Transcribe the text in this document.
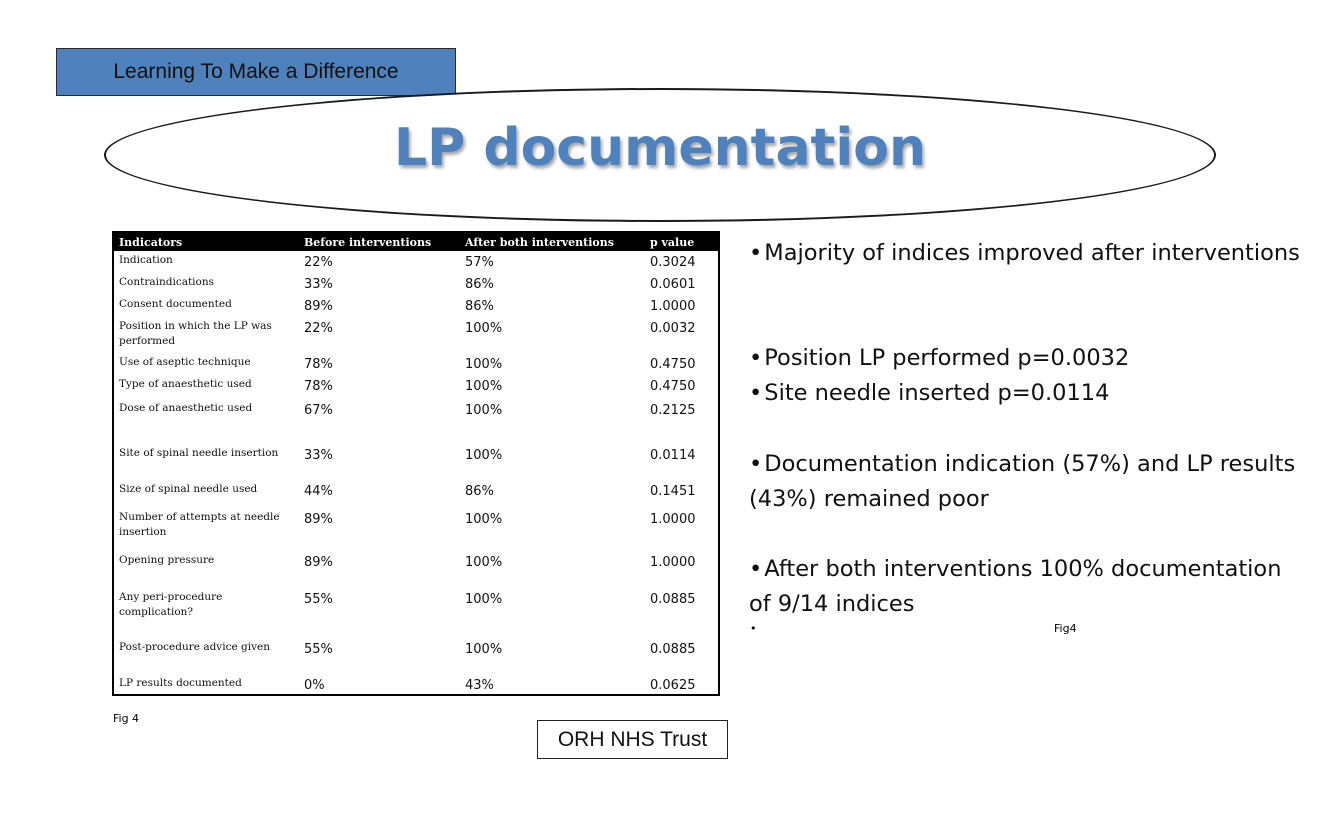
Learning To Make a Difference
LP documentation
Indicators	Before interventions	After both interventions	p value
Indication	22%	57%	0.3024
Contraindications	33%	86%	0.0601
Consent documented	89%	86%	1.0000
Position in which the LP was performed	22%	100%	0.0032
Use of aseptic technique	78%	100%	0.4750
Type of anaesthetic used	78%	100%	0.4750
Dose of anaesthetic used	67%	100%	0.2125
Site of spinal needle insertion	33%	100%	0.0114
Size of spinal needle used	44%	86%	0.1451
Number of attempts at needle insertion	89%	100%	1.0000
Opening pressure	89%	100%	1.0000
Any peri-procedure complication?	55%	100%	0.0885
Post-procedure advice given	55%	100%	0.0885
LP results documented	0%	43%	0.0625
Fig 4
ORH NHS Trust
•Majority of indices improved after interventions
•Position LP performed p=0.0032
•Site needle inserted p=0.0114
•Documentation indication (57%) and LP results (43%) remained poor
•After both interventions 100% documentation of 9/14 indices
•	Fig4
